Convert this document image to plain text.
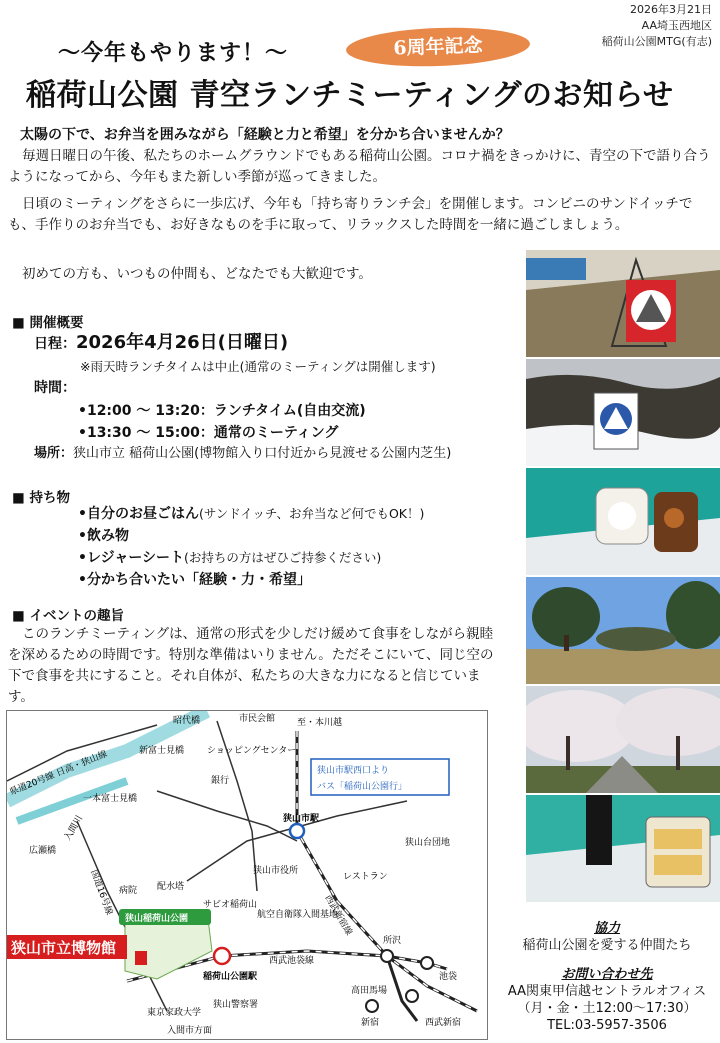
2026年3月21日
AA埼玉西地区
稲荷山公園MTG(有志)
〜今年もやります！〜	6周年記念
稲荷山公園 青空ランチミーティングのお知らせ
太陽の下で、お弁当を囲みながら「経験と力と希望」を分かち合いませんか？
毎週日曜日の午後、私たちのホームグラウンドでもある稲荷山公園。コロナ禍をきっかけに、青空の下で語り合うようになってから、今年もまた新しい季節が巡ってきました。
日頃のミーティングをさらに一歩広げ、今年も「持ち寄りランチ会」を開催します。コンビニのサンドイッチでも、手作りのお弁当でも、お好きなものを手に取って、リラックスした時間を一緒に過ごしましょう。
初めての方も、いつもの仲間も、どなたでも大歓迎です。
■ 開催概要
日程：2026年4月26日(日曜日)
※雨天時ランチタイムは中止(通常のミーティングは開催します)
時間：
•12:00 〜 13:20：ランチタイム(自由交流)
•13:30 〜 15:00：通常のミーティング
場所：狭山市立 稲荷山公園(博物館入り口付近から見渡せる公園内芝生)
■ 持ち物
•自分のお昼ごはん(サンドイッチ、お弁当など何でもOK！)
•飲み物
•レジャーシート(お持ちの方はぜひご持参ください)
•分かち合いたい「経験・力・希望」
■ イベントの趣旨
このランチミーティングは、通常の形式を少しだけ緩めて食事をしながら親睦を深めるための時間です。特別な準備はいりません。ただそこにいて、同じ空の下で食事を共にすること。それ自体が、私たちの大きな力になると信じています。
狭山稲荷山公園
狭山市立博物館
狭山市駅西口より
バス「稲荷山公園行」
昭代橋	市民会館 至・本川越
新富士見橋	ショッピングセンター
銀行
県道20号線 日高・狭山線
一本富士見橋
入間川
国道16号線
広瀬橋
狭山市駅
狭山台団地
狭山市役所
レストラン
西武新宿線
病院 配水塔
サビオ稲荷山
航空自衛隊入間基地
西武池袋線
稲荷山公園駅
狭山警察署
東京家政大学
入間市方面
所沢
池袋
高田馬場
新宿	西武新宿
協力
稲荷山公園を愛する仲間たち
お問い合わせ先
AA関東甲信越セントラルオフィス
（月・金・土12:00〜17:30）
TEL:03-5957-3506
